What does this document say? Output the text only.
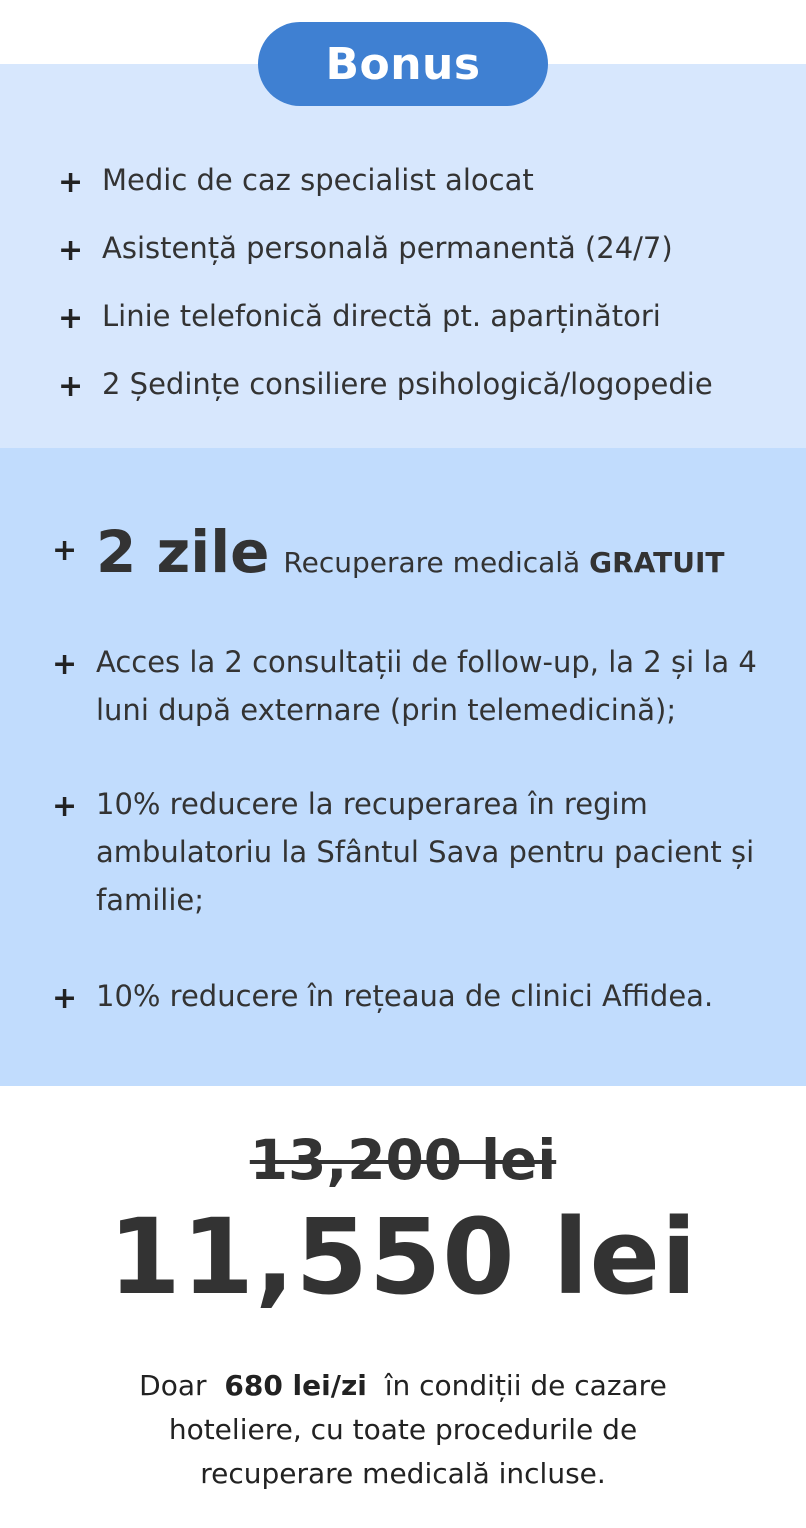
Bonus
+ Medic de caz specialist alocat
+ Asistență personală permanentă (24/7)
+ Linie telefonică directă pt. aparținători
+ 2 Ședințe consiliere psihologică/logopedie
+ 2 zile Recuperare medicală GRATUIT
+ Acces la 2 consultații de follow-up, la 2 și la 4 luni după externare (prin telemedicină);
+ 10% reducere la recuperarea în regim ambulatoriu la Sfântul Sava pentru pacient și familie;
+ 10% reducere în rețeaua de clinici Affidea.
13,200 lei
11,550 lei
Doar 680 lei/zi în condiții de cazare hoteliere, cu toate procedurile de recuperare medicală incluse.
